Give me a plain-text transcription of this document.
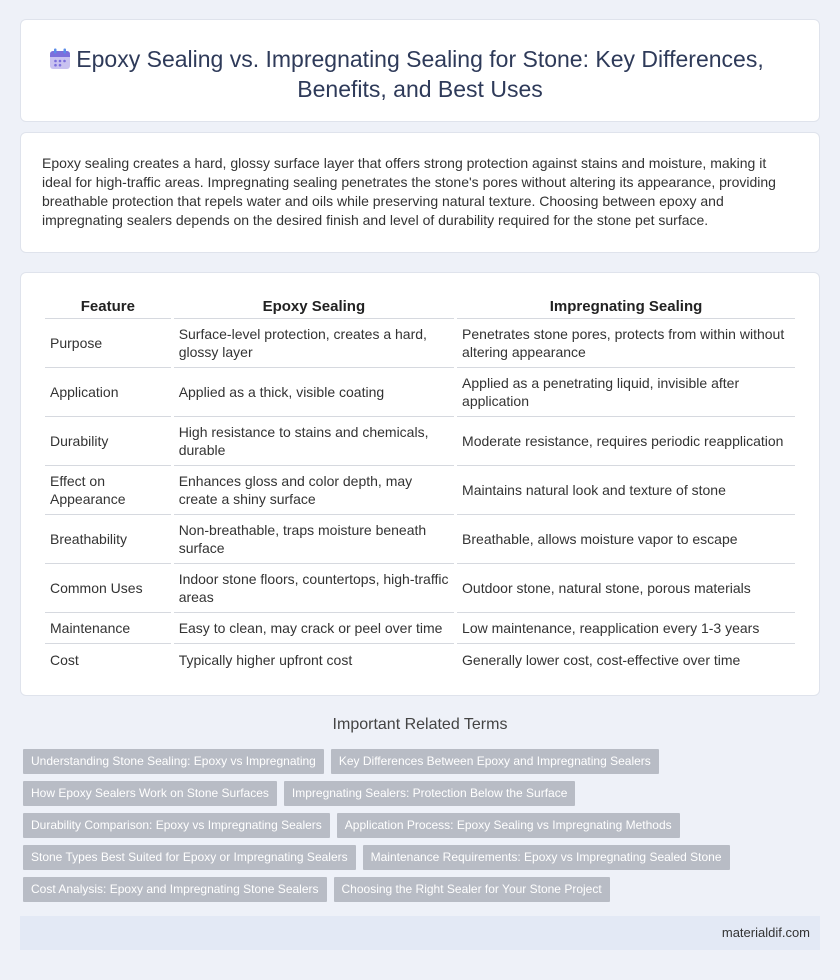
Epoxy Sealing vs. Impregnating Sealing for Stone: Key Differences, Benefits, and Best Uses

Epoxy sealing creates a hard, glossy surface layer that offers strong protection against stains and moisture, making it ideal for high-traffic areas. Impregnating sealing penetrates the stone's pores without altering its appearance, providing breathable protection that repels water and oils while preserving natural texture. Choosing between epoxy and impregnating sealers depends on the desired finish and level of durability required for the stone pet surface.

Feature	Epoxy Sealing	Impregnating Sealing
Purpose	Surface-level protection, creates a hard, glossy layer	Penetrates stone pores, protects from within without altering appearance
Application	Applied as a thick, visible coating	Applied as a penetrating liquid, invisible after application
Durability	High resistance to stains and chemicals, durable	Moderate resistance, requires periodic reapplication
Effect on Appearance	Enhances gloss and color depth, may create a shiny surface	Maintains natural look and texture of stone
Breathability	Non-breathable, traps moisture beneath surface	Breathable, allows moisture vapor to escape
Common Uses	Indoor stone floors, countertops, high-traffic areas	Outdoor stone, natural stone, porous materials
Maintenance	Easy to clean, may crack or peel over time	Low maintenance, reapplication every 1-3 years
Cost	Typically higher upfront cost	Generally lower cost, cost-effective over time
Important Related Terms
Understanding Stone Sealing: Epoxy vs Impregnating	Key Differences Between Epoxy and Impregnating Sealers
How Epoxy Sealers Work on Stone Surfaces	Impregnating Sealers: Protection Below the Surface
Durability Comparison: Epoxy vs Impregnating Sealers	Application Process: Epoxy Sealing vs Impregnating Methods
Stone Types Best Suited for Epoxy or Impregnating Sealers	Maintenance Requirements: Epoxy vs Impregnating Sealed Stone
Cost Analysis: Epoxy and Impregnating Stone Sealers	Choosing the Right Sealer for Your Stone Project
materialdif.com
